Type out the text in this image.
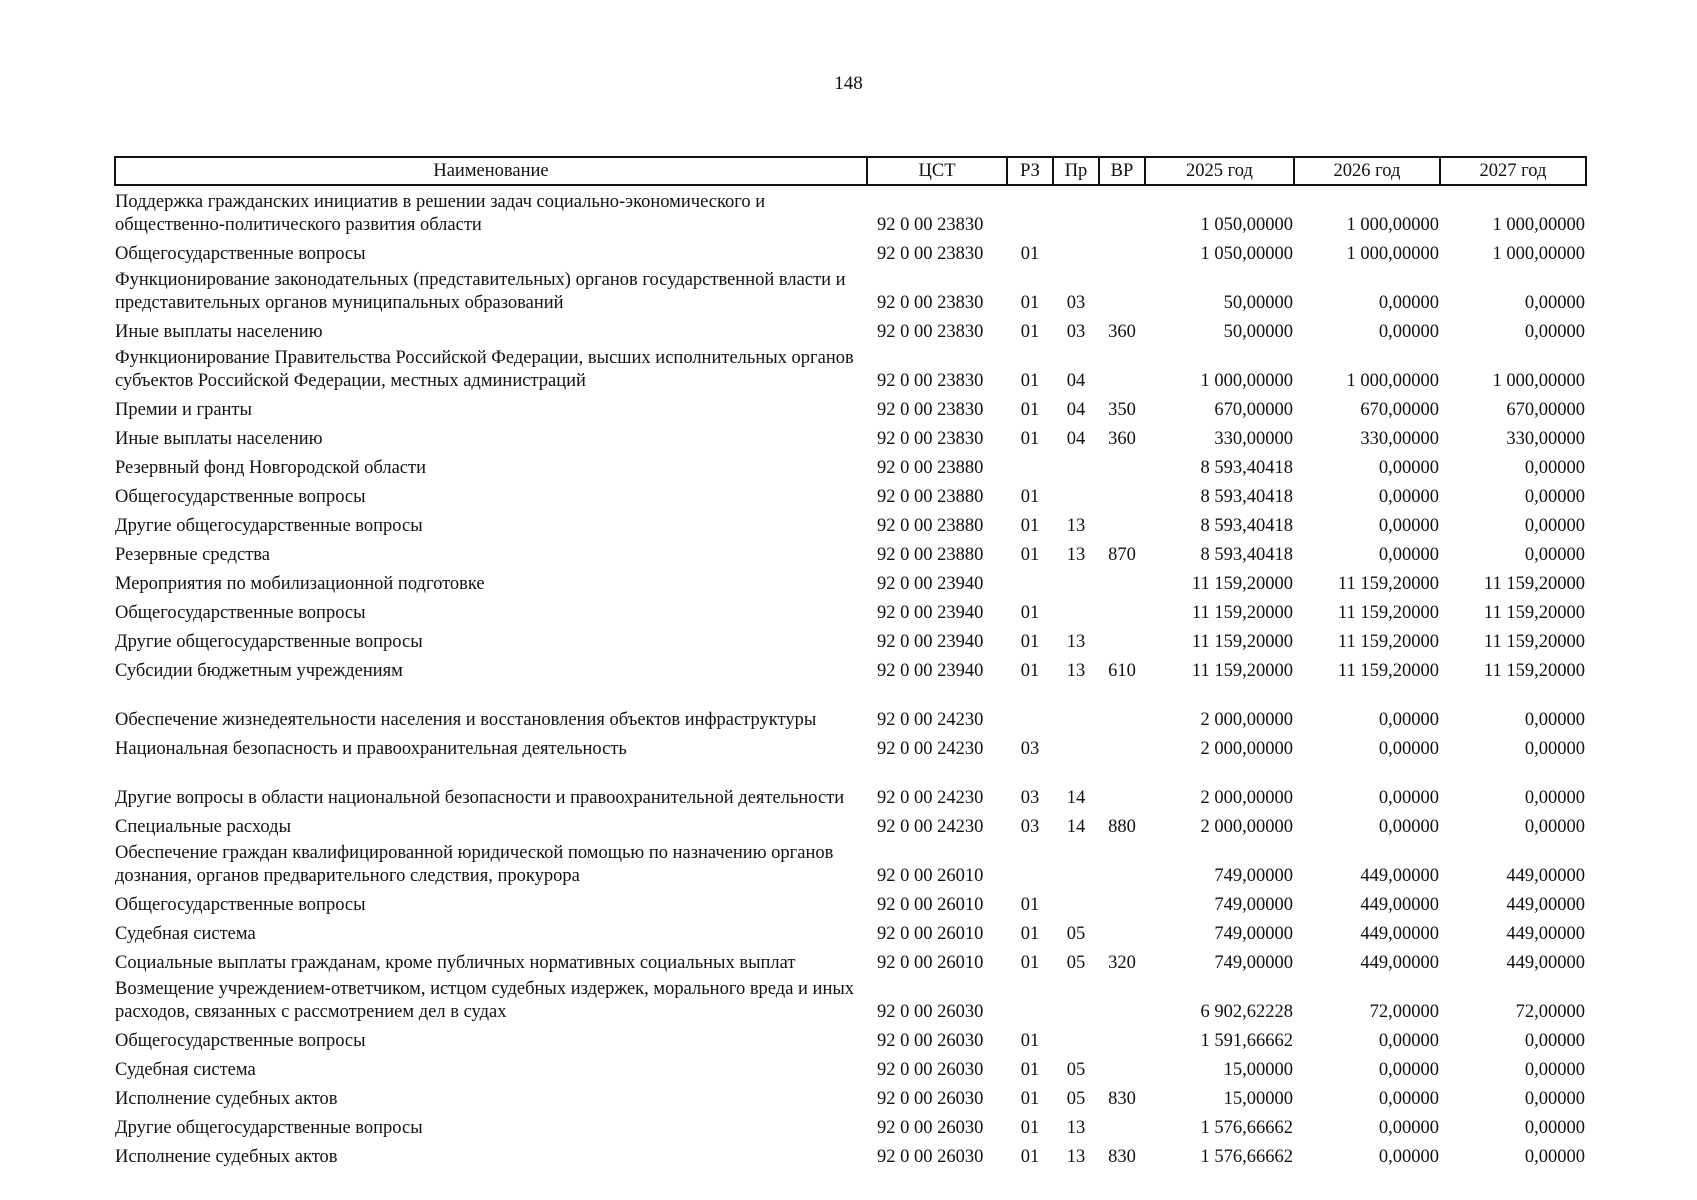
148
Наименование	ЦСТ	РЗ	Пр	ВР	2025 год	2026 год	2027 год
Поддержка гражданских инициатив в решении задач социально-экономического и общественно-политического развития области	92 0 00 23830				1 050,00000	1 000,00000	1 000,00000
Общегосударственные вопросы	92 0 00 23830	01			1 050,00000	1 000,00000	1 000,00000
Функционирование законодательных (представительных) органов государственной власти и представительных органов муниципальных образований	92 0 00 23830	01	03		50,00000	0,00000	0,00000
Иные выплаты населению	92 0 00 23830	01	03	360	50,00000	0,00000	0,00000
Функционирование Правительства Российской Федерации, высших исполнительных органов субъектов Российской Федерации, местных администраций	92 0 00 23830	01	04		1 000,00000	1 000,00000	1 000,00000
Премии и гранты	92 0 00 23830	01	04	350	670,00000	670,00000	670,00000
Иные выплаты населению	92 0 00 23830	01	04	360	330,00000	330,00000	330,00000
Резервный фонд Новгородской области	92 0 00 23880				8 593,40418	0,00000	0,00000
Общегосударственные вопросы	92 0 00 23880	01			8 593,40418	0,00000	0,00000
Другие общегосударственные вопросы	92 0 00 23880	01	13		8 593,40418	0,00000	0,00000
Резервные средства	92 0 00 23880	01	13	870	8 593,40418	0,00000	0,00000
Мероприятия по мобилизационной подготовке	92 0 00 23940				11 159,20000	11 159,20000	11 159,20000
Общегосударственные вопросы	92 0 00 23940	01			11 159,20000	11 159,20000	11 159,20000
Другие общегосударственные вопросы	92 0 00 23940	01	13		11 159,20000	11 159,20000	11 159,20000
Субсидии бюджетным учреждениям	92 0 00 23940	01	13	610	11 159,20000	11 159,20000	11 159,20000
Обеспечение жизнедеятельности населения и восстановления объектов инфраструктуры	92 0 00 24230				2 000,00000	0,00000	0,00000
Национальная безопасность и правоохранительная деятельность	92 0 00 24230	03			2 000,00000	0,00000	0,00000
Другие вопросы в области национальной безопасности и правоохранительной деятельности	92 0 00 24230	03	14		2 000,00000	0,00000	0,00000
Специальные расходы	92 0 00 24230	03	14	880	2 000,00000	0,00000	0,00000
Обеспечение граждан квалифицированной юридической помощью по назначению органов дознания, органов предварительного следствия, прокурора	92 0 00 26010				749,00000	449,00000	449,00000
Общегосударственные вопросы	92 0 00 26010	01			749,00000	449,00000	449,00000
Судебная система	92 0 00 26010	01	05		749,00000	449,00000	449,00000
Социальные выплаты гражданам, кроме публичных нормативных социальных выплат	92 0 00 26010	01	05	320	749,00000	449,00000	449,00000
Возмещение учреждением-ответчиком, истцом судебных издержек, морального вреда и иных расходов, связанных с рассмотрением дел в судах	92 0 00 26030				6 902,62228	72,00000	72,00000
Общегосударственные вопросы	92 0 00 26030	01			1 591,66662	0,00000	0,00000
Судебная система	92 0 00 26030	01	05		15,00000	0,00000	0,00000
Исполнение судебных актов	92 0 00 26030	01	05	830	15,00000	0,00000	0,00000
Другие общегосударственные вопросы	92 0 00 26030	01	13		1 576,66662	0,00000	0,00000
Исполнение судебных актов	92 0 00 26030	01	13	830	1 576,66662	0,00000	0,00000
